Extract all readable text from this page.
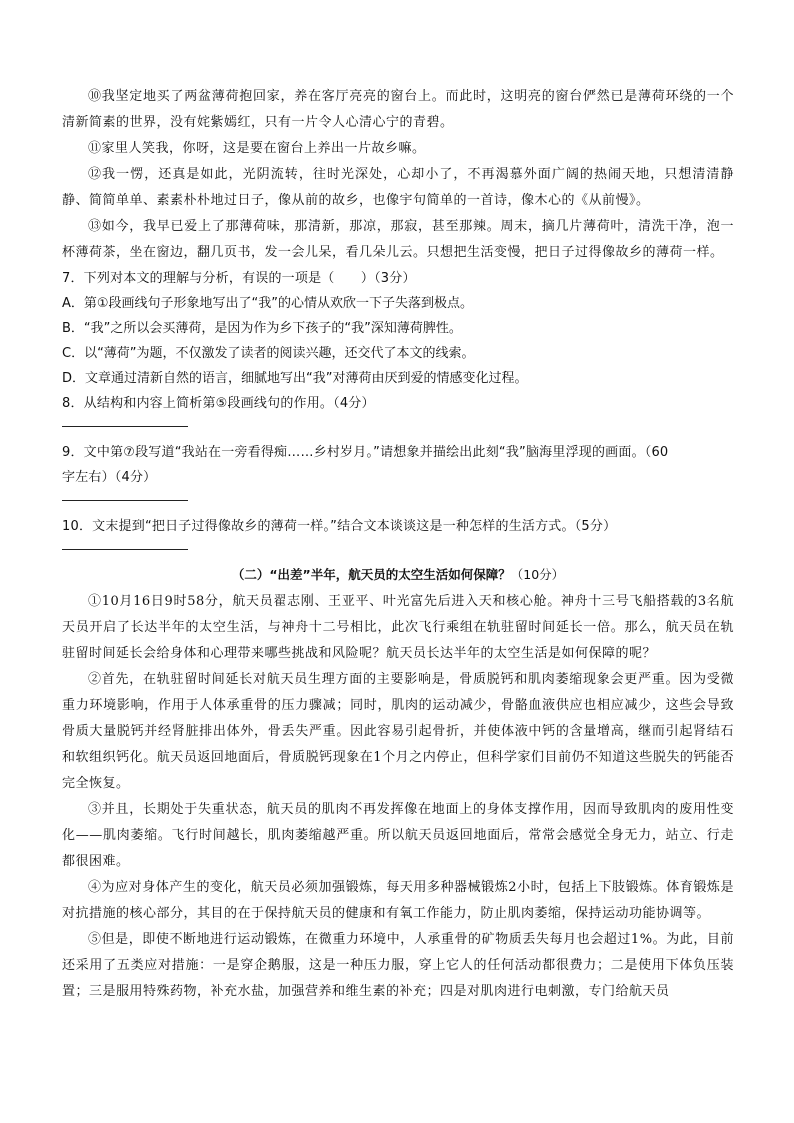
⑩我坚定地买了两盆薄荷抱回家，养在客厅亮亮的窗台上。而此时，这明亮的窗台俨然已是薄荷环绕的一个清新简素的世界，没有姹紫嫣红，只有一片令人心清心宁的青碧。

⑪家里人笑我，你呀，这是要在窗台上养出一片故乡嘛。

⑫我一愣，还真是如此，光阴流转，往时光深处，心却小了，不再渴慕外面广阔的热闹天地，只想清清静静、简简单单、素素朴朴地过日子，像从前的故乡，也像宇句简单的一首诗，像木心的《从前慢》。

⑬如今，我早已爱上了那薄荷味，那清新，那凉，那寂，甚至那辣。周末，摘几片薄荷叶，清洗干净，泡一杯薄荷茶，坐在窗边，翻几页书，发一会儿呆，看几朵儿云。只想把生活变慢，把日子过得像故乡的薄荷一样。

7．下列对本文的理解与分析，有误的一项是（　　）（3分）

A．第①段画线句子形象地写出了“我”的心情从欢欣一下子失落到极点。

B．“我”之所以会买薄荷，是因为作为乡下孩子的“我”深知薄荷脾性。

C．以“薄荷”为题，不仅激发了读者的阅读兴趣，还交代了本文的线索。

D．文章通过清新自然的语言，细腻地写出“我”对薄荷由厌到爱的情感变化过程。

8．从结构和内容上简析第⑤段画线句的作用。（4分）

9．文中第⑦段写道“我站在一旁看得痴……乡村岁月。”请想象并描绘出此刻“我”脑海里浮现的画面。（60

字左右）（4分）

10．文末提到“把日子过得像故乡的薄荷一样。”结合文本谈谈这是一种怎样的生活方式。（5分）

（二）“出差”半年，航天员的太空生活如何保障？（10分）

①10月16日9时58分，航天员翟志刚、王亚平、叶光富先后进入天和核心舱。神舟十三号飞船搭载的3名航天员开启了长达半年的太空生活，与神舟十二号相比，此次飞行乘组在轨驻留时间延长一倍。那么，航天员在轨驻留时间延长会给身体和心理带来哪些挑战和风险呢？航天员长达半年的太空生活是如何保障的呢？

②首先，在轨驻留时间延长对航天员生理方面的主要影响是，骨质脱钙和肌肉萎缩现象会更严重。因为受微重力环境影响，作用于人体承重骨的压力骤减；同时，肌肉的运动减少，骨骼血液供应也相应减少，这些会导致骨质大量脱钙并经肾脏排出体外，骨丢失严重。因此容易引起骨折，并使体液中钙的含量增高，继而引起肾结石和软组织钙化。航天员返回地面后，骨质脱钙现象在1个月之内停止，但科学家们目前仍不知道这些脱失的钙能否完全恢复。

③并且，长期处于失重状态，航天员的肌肉不再发挥像在地面上的身体支撑作用，因而导致肌肉的废用性变化——肌肉萎缩。飞行时间越长，肌肉萎缩越严重。所以航天员返回地面后，常常会感觉全身无力，站立、行走都很困难。

④为应对身体产生的变化，航天员必须加强锻炼，每天用多种器械锻炼2小时，包括上下肢锻炼。体育锻炼是对抗措施的核心部分，其目的在于保持航天员的健康和有氧工作能力，防止肌肉萎缩，保持运动功能协调等。

⑤但是，即使不断地进行运动锻炼，在微重力环境中，人承重骨的矿物质丢失每月也会超过1%。为此，目前还采用了五类应对措施：一是穿企鹅服，这是一种压力服，穿上它人的任何活动都很费力；二是使用下体负压装置；三是服用特殊药物，补充水盐，加强营养和维生素的补充；四是对肌肉进行电刺激，专门给航天员
